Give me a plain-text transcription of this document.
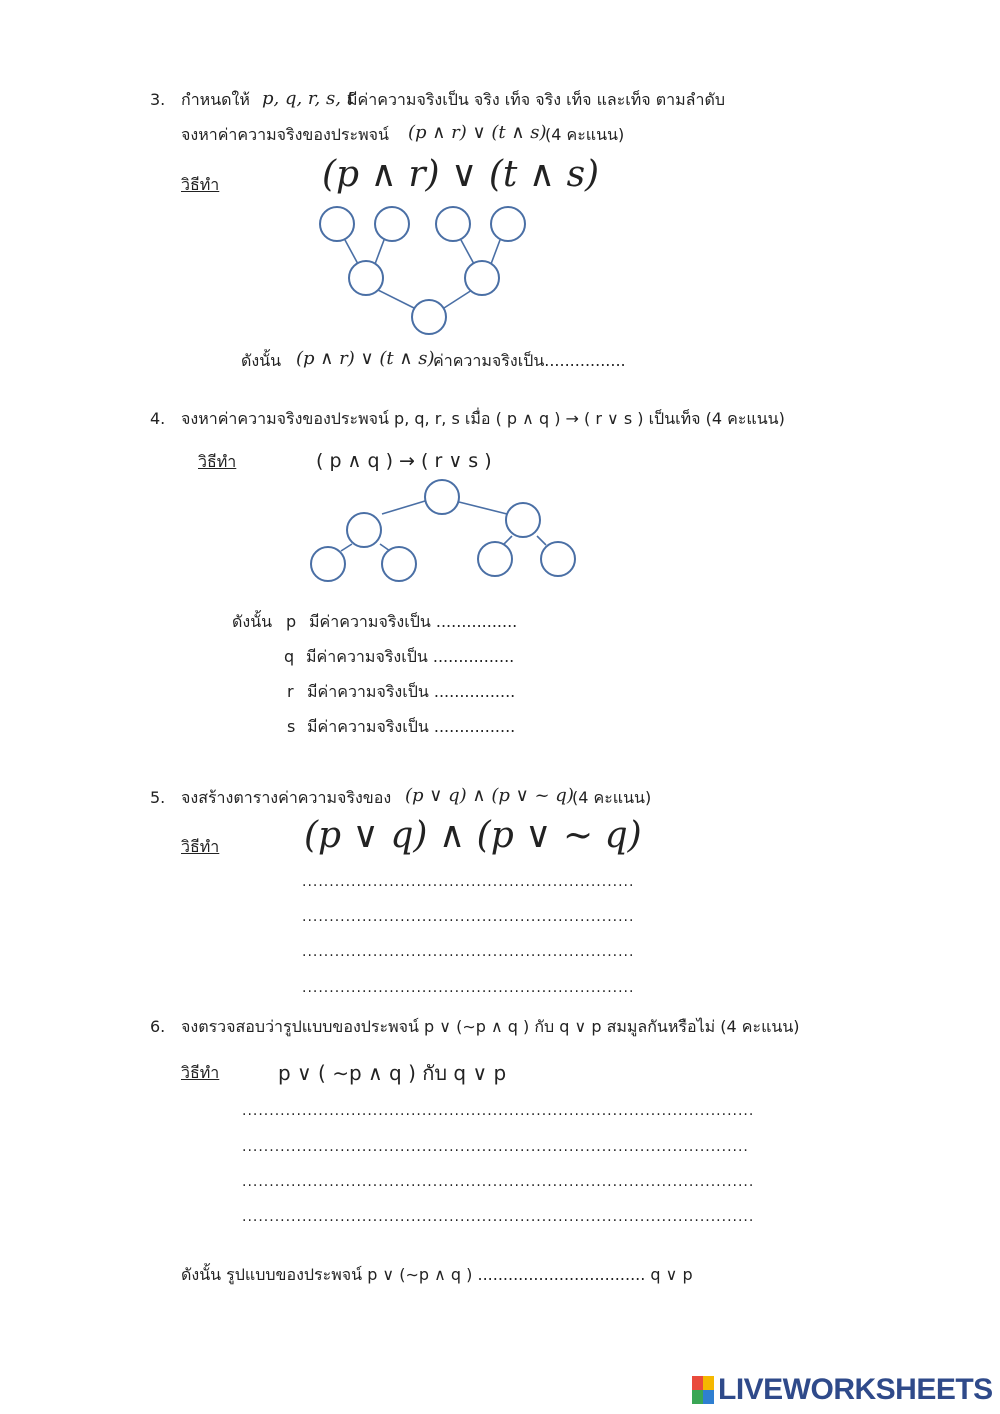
3. กำหนดให้ p, q, r, s, t
มีค่าความจริงเป็น จริง เท็จ จริง เท็จ และเท็จ ตามลำดับ
จงหาค่าความจริงของประพจน์ (p ∧ r) ∨ (t ∧ s)
(4 คะแนน)
วิธีทำ	(p ∧ r) ∨ (t ∧ s)
ดังนั้น (p ∧ r) ∨ (t ∧ s)
ค่าความจริงเป็น................
4. จงหาค่าความจริงของประพจน์ p, q, r, s เมื่อ ( p ∧ q ) → ( r ∨ s ) เป็นเท็จ (4 คะแนน)
วิธีทำ	( p ∧ q ) → ( r ∨ s )
ดังนั้น p มีค่าความจริงเป็น ................
q มีค่าความจริงเป็น ................
r มีค่าความจริงเป็น ................
s มีค่าความจริงเป็น ................
5. จงสร้างตารางค่าความจริงของ (p ∨ q) ∧ (p ∨ ~ q)
(4 คะแนน)
วิธีทำ (p ∨ q) ∧ (p ∨ ~ q)
.............................................................
.............................................................
.............................................................
.............................................................
6. จงตรวจสอบว่ารูปแบบของประพจน์ p ∨ (∼p ∧ q ) กับ q ∨ p สมมูลกันหรือไม่ (4 คะแนน)
วิธีทำ	p ∨ ( ∼p ∧ q ) กับ q ∨ p
..............................................................................................
.............................................................................................
..............................................................................................
..............................................................................................
ดังนั้น รูปแบบของประพจน์ p ∨ (∼p ∧ q ) ................................. q ∨ p
LIVEWORKSHEETS
